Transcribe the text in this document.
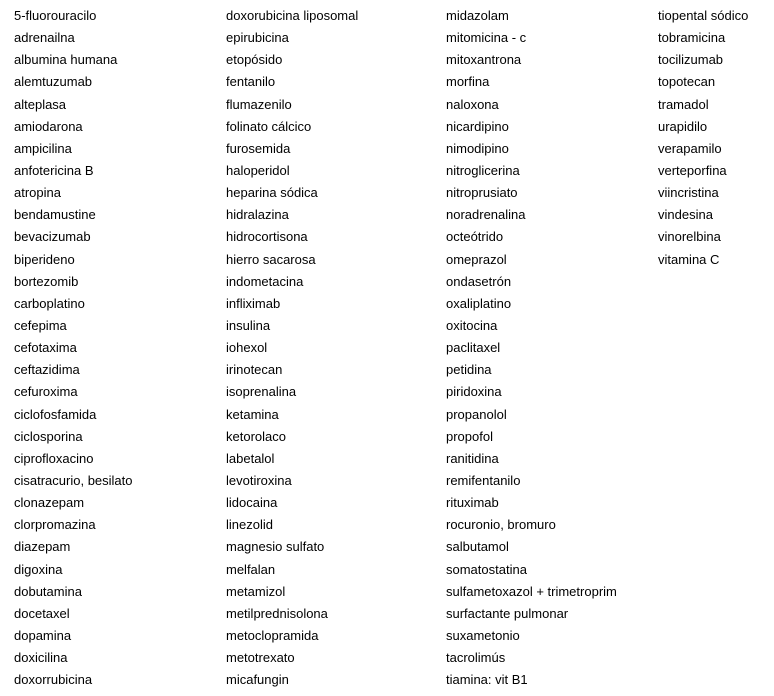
5-fluorouracilo
adrenailna
albumina humana
alemtuzumab
alteplasa
amiodarona
ampicilina
anfotericina B
atropina
bendamustine
bevacizumab
biperideno
bortezomib
carboplatino
cefepima
cefotaxima
ceftazidima
cefuroxima
ciclofosfamida
ciclosporina
ciprofloxacino
cisatracurio, besilato
clonazepam
clorpromazina
diazepam
digoxina
dobutamina
docetaxel
dopamina
doxicilina
doxorrubicina
doxorubicina liposomal
epirubicina
etopósido
fentanilo
flumazenilo
folinato cálcico
furosemida
haloperidol
heparina sódica
hidralazina
hidrocortisona
hierro sacarosa
indometacina
infliximab
insulina
iohexol
irinotecan
isoprenalina
ketamina
ketorolaco
labetalol
levotiroxina
lidocaina
linezolid
magnesio sulfato
melfalan
metamizol
metilprednisolona
metoclopramida
metotrexato
micafungin
midazolam
mitomicina - c
mitoxantrona
morfina
naloxona
nicardipino
nimodipino
nitroglicerina
nitroprusiato
noradrenalina
octeótrido
omeprazol
ondasetrón
oxaliplatino
oxitocina
paclitaxel
petidina
piridoxina
propanolol
propofol
ranitidina
remifentanilo
rituximab
rocuronio, bromuro
salbutamol
somatostatina
sulfametoxazol + trimetroprim
surfactante pulmonar
suxametonio
tacrolimús
tiamina: vit B1
tiopental sódico
tobramicina
tocilizumab
topotecan
tramadol
urapidilo
verapamilo
verteporfina
viincristina
vindesina
vinorelbina
vitamina C
